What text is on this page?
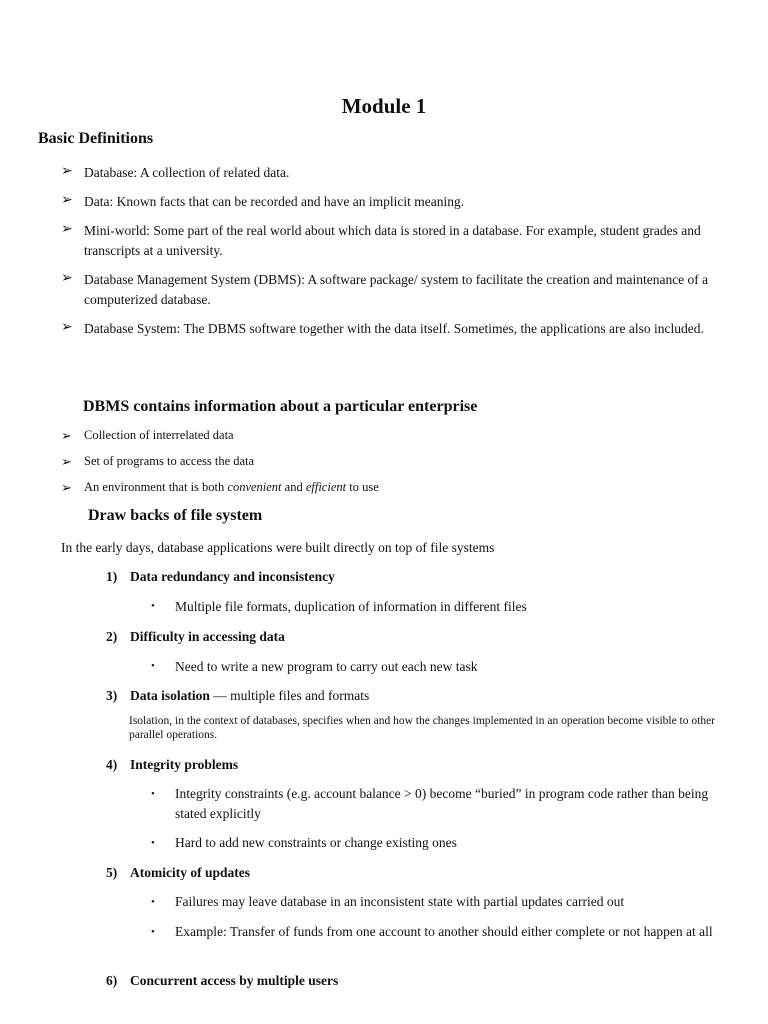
Module 1
Basic Definitions
➢ Database: A collection of related data.
➢ Data: Known facts that can be recorded and have an implicit meaning.
➢ Mini-world: Some part of the real world about which data is stored in a database. For example, student grades and transcripts at a university.
➢ Database Management System (DBMS): A software package/ system to facilitate the creation and maintenance of a computerized database.
➢ Database System: The DBMS software together with the data itself. Sometimes, the applications are also included.
DBMS contains information about a particular enterprise
➢ Collection of interrelated data
➢ Set of programs to access the data
➢ An environment that is both convenient and efficient to use
Draw backs of file system
In the early days, database applications were built directly on top of file systems
1) Data redundancy and inconsistency
• Multiple file formats, duplication of information in different files
2) Difficulty in accessing data
• Need to write a new program to carry out each new task
3) Data isolation — multiple files and formats
Isolation, in the context of databases, specifies when and how the changes implemented in an operation become visible to other parallel operations.
4) Integrity problems
• Integrity constraints (e.g. account balance > 0) become “buried” in program code rather than being stated explicitly
• Hard to add new constraints or change existing ones
5) Atomicity of updates
• Failures may leave database in an inconsistent state with partial updates carried out
• Example: Transfer of funds from one account to another should either complete or not happen at all
6) Concurrent access by multiple users
